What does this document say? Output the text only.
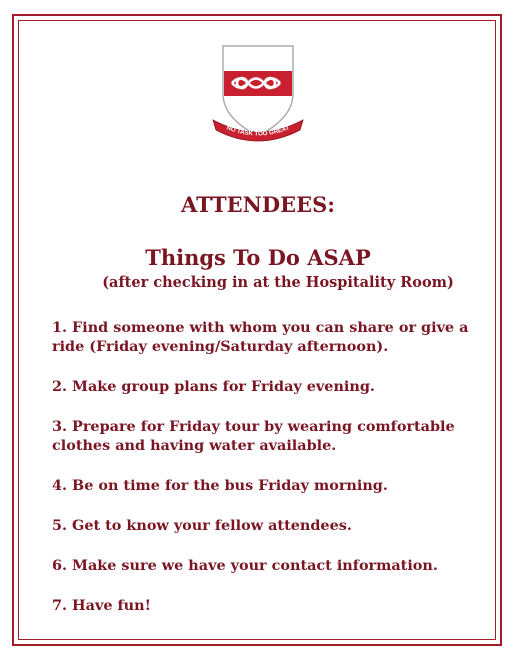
NO TASK TOO GREAT
ATTENDEES:
Things To Do ASAP

(after checking in at the Hospitality Room)

1. Find someone with whom you can share or give a ride (Friday evening/Saturday afternoon).
2. Make group plans for Friday evening.
3. Prepare for Friday tour by wearing comfortable clothes and having water available.
4. Be on time for the bus Friday morning.
5. Get to know your fellow attendees.
6. Make sure we have your contact information.
7. Have fun!
